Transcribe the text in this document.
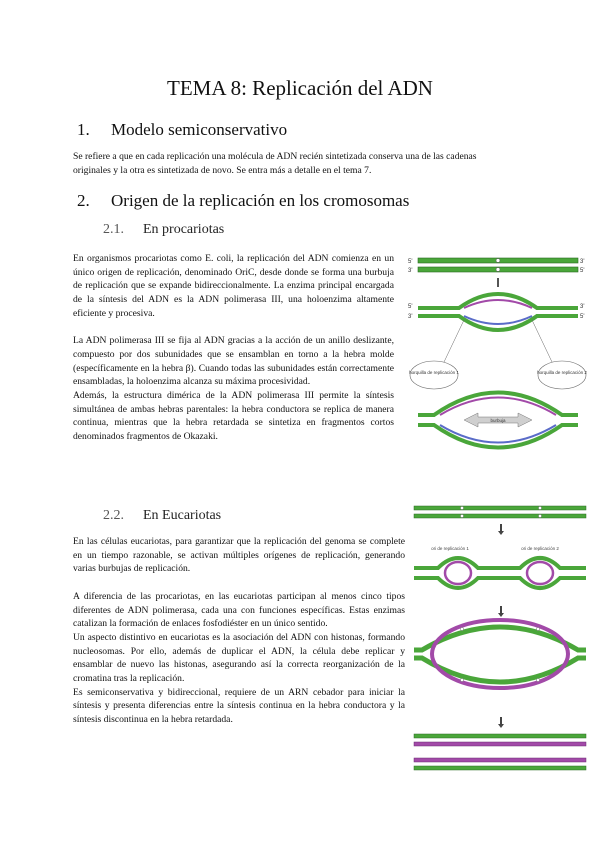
TEMA 8: Replicación del ADN
1. Modelo semiconservativo
Se refiere a que en cada replicación una molécula de ADN recién sintetizada conserva una de las cadenas originales y la otra es sintetizada de novo. Se entra más a detalle en el tema 7.
2. Origen de la replicación en los cromosomas
2.1. En procariotas
En organismos procariotas como E. coli, la replicación del ADN comienza en un único origen de replicación, denominado OriC, desde donde se forma una burbuja de replicación que se expande bidireccionalmente. La enzima principal encargada de la síntesis del ADN es la ADN polimerasa III, una holoenzima altamente eficiente y procesiva.
La ADN polimerasa III se fija al ADN gracias a la acción de un anillo deslizante, compuesto por dos subunidades que se ensamblan en torno a la hebra molde (específicamente en la hebra β). Cuando todas las subunidades están correctamente ensambladas, la holoenzima alcanza su máxima procesividad.
Además, la estructura dimérica de la ADN polimerasa III permite la síntesis simultánea de ambas hebras parentales: la hebra conductora se replica de manera continua, mientras que la hebra retardada se sintetiza en fragmentos cortos denominados fragmentos de Okazaki.
5'
3'
3'
5'
5'
3'
3'
5'
horquilla de replicación 1	horquilla de replicación 2
burbuja
2.2. En Eucariotas
En las células eucariotas, para garantizar que la replicación del genoma se complete en un tiempo razonable, se activan múltiples orígenes de replicación, generando varias burbujas de replicación.
A diferencia de las procariotas, en las eucariotas participan al menos cinco tipos diferentes de ADN polimerasa, cada una con funciones específicas. Estas enzimas catalizan la formación de enlaces fosfodiéster en un único sentido.
Un aspecto distintivo en eucariotas es la asociación del ADN con histonas, formando nucleosomas. Por ello, además de duplicar el ADN, la célula debe replicar y ensamblar de nuevo las histonas, asegurando así la correcta reorganización de la cromatina tras la replicación.
Es semiconservativa y bidireccional, requiere de un ARN cebador para iniciar la síntesis y presenta diferencias entre la síntesis continua en la hebra conductora y la síntesis discontinua en la hebra retardada.
ori de replicación 1	ori de replicación 2
